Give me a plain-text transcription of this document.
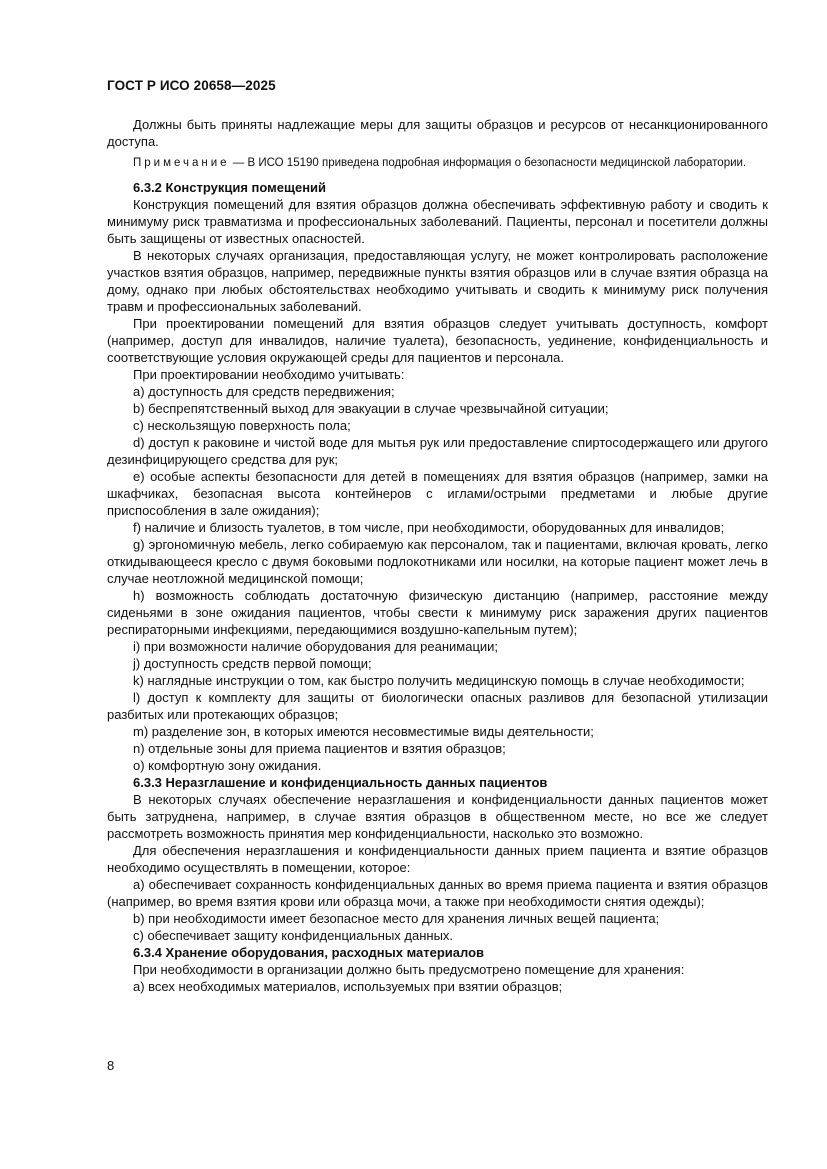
ГОСТ Р ИСО 20658—2025

Должны быть приняты надлежащие меры для защиты образцов и ресурсов от несанкционированного доступа.

Примечание — В ИСО 15190 приведена подробная информация о безопасности медицинской лаборатории.

6.3.2 Конструкция помещений

Конструкция помещений для взятия образцов должна обеспечивать эффективную работу и сводить к минимуму риск травматизма и профессиональных заболеваний. Пациенты, персонал и посетители должны быть защищены от известных опасностей.

В некоторых случаях организация, предоставляющая услугу, не может контролировать расположение участков взятия образцов, например, передвижные пункты взятия образцов или в случае взятия образца на дому, однако при любых обстоятельствах необходимо учитывать и сводить к минимуму риск получения травм и профессиональных заболеваний.

При проектировании помещений для взятия образцов следует учитывать доступность, комфорт (например, доступ для инвалидов, наличие туалета), безопасность, уединение, конфиденциальность и соответствующие условия окружающей среды для пациентов и персонала.

При проектировании необходимо учитывать:

a) доступность для средств передвижения;

b) беспрепятственный выход для эвакуации в случае чрезвычайной ситуации;

c) нескользящую поверхность пола;

d) доступ к раковине и чистой воде для мытья рук или предоставление спиртосодержащего или другого дезинфицирующего средства для рук;

e) особые аспекты безопасности для детей в помещениях для взятия образцов (например, замки на шкафчиках, безопасная высота контейнеров с иглами/острыми предметами и любые другие приспособления в зале ожидания);

f) наличие и близость туалетов, в том числе, при необходимости, оборудованных для инвалидов;

g) эргономичную мебель, легко собираемую как персоналом, так и пациентами, включая кровать, легко откидывающееся кресло с двумя боковыми подлокотниками или носилки, на которые пациент может лечь в случае неотложной медицинской помощи;

h) возможность соблюдать достаточную физическую дистанцию (например, расстояние между сиденьями в зоне ожидания пациентов, чтобы свести к минимуму риск заражения других пациентов респираторными инфекциями, передающимися воздушно-капельным путем);

i) при возможности наличие оборудования для реанимации;

j) доступность средств первой помощи;

k) наглядные инструкции о том, как быстро получить медицинскую помощь в случае необходимости;

l) доступ к комплекту для защиты от биологически опасных разливов для безопасной утилизации разбитых или протекающих образцов;

m) разделение зон, в которых имеются несовместимые виды деятельности;

n) отдельные зоны для приема пациентов и взятия образцов;

o) комфортную зону ожидания.

6.3.3 Неразглашение и конфиденциальность данных пациентов

В некоторых случаях обеспечение неразглашения и конфиденциальности данных пациентов может быть затруднена, например, в случае взятия образцов в общественном месте, но все же следует рассмотреть возможность принятия мер конфиденциальности, насколько это возможно.

Для обеспечения неразглашения и конфиденциальности данных прием пациента и взятие образцов необходимо осуществлять в помещении, которое:

a) обеспечивает сохранность конфиденциальных данных во время приема пациента и взятия образцов (например, во время взятия крови или образца мочи, а также при необходимости снятия одежды);

b) при необходимости имеет безопасное место для хранения личных вещей пациента;

c) обеспечивает защиту конфиденциальных данных.

6.3.4 Хранение оборудования, расходных материалов

При необходимости в организации должно быть предусмотрено помещение для хранения:

a) всех необходимых материалов, используемых при взятии образцов;

8
